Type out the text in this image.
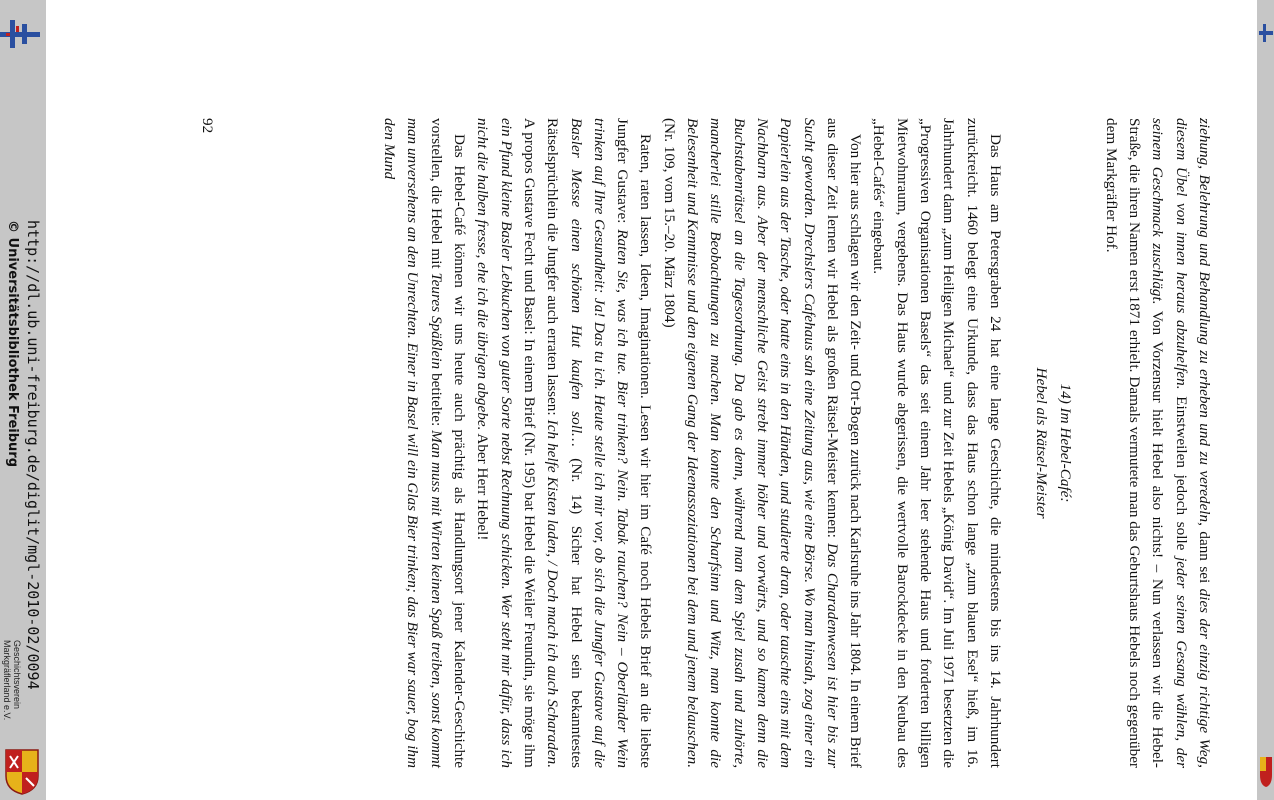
ziehung, Belehrung und Behandlung zu erheben und zu veredeln, dann sei dies der einzig richtige Weg, diesem Übel von innen heraus abzuhelfen. Einstweilen jedoch solle jeder seinen Gesang wählen, der seinem Geschmack zuschlägt. Von Vorzensur hielt Hebel also nichts! – Nun verlassen wir die Hebel-Straße, die ihren Namen erst 1871 erhielt. Damals vermutete man das Geburtshaus Hebels noch gegenüber dem Markgräfler Hof.

14) Im Hebel-Café:
Hebel als Rätsel-Meister

Das Haus am Petersgraben 24 hat eine lange Geschichte, die mindestens bis ins 14. Jahrhundert zurückreicht. 1460 belegt eine Urkunde, dass das Haus schon lange „zum blauen Esel“ hieß, im 16. Jahrhundert dann „zum Heiligen Michael“ und zur Zeit Hebels „König David“. Im Juli 1971 besetzten die „Progressiven Organisationen Basels“ das seit einem Jahr leer stehende Haus und forderten billigen Mietwohnraum, vergebens. Das Haus wurde abgerissen, die wertvolle Barockdecke in den Neubau des „Hebel-Cafés“ eingebaut.

Von hier aus schlagen wir den Zeit- und Ort-Bogen zurück nach Karlsruhe ins Jahr 1804. In einem Brief aus dieser Zeit lernen wir Hebel als großen Rätsel-Meister kennen: Das Charadenwesen ist hier bis zur Sucht geworden. Drechslers Cafehaus sah eine Zeitung aus, wie eine Börse. Wo man hinsah, zog einer ein Papierlein aus der Tasche, oder hatte eins in den Händen, und studierte dran, oder tauschte eins mit dem Nachbarn aus. Aber der menschliche Geist strebt immer höher und vorwärts, und so kamen denn die Buchstabenrätsel an die Tagesordnung. Da gab es denn, während man dem Spiel zusah und zuhörte, mancherlei stille Beobachtungen zu machen. Man konnte den Scharfsinn und Witz, man konnte die Belesenheit und Kenntnisse und den eigenen Gang der Ideenassoziationen bei dem und jenem belauschen. (Nr. 109, vom 15.–20. März 1804)

Raten, raten lassen, Ideen, Imaginationen. Lesen wir hier im Café noch Hebels Brief an die liebste Jungfer Gustave: Raten Sie, was ich tue. Bier trinken? Nein. Tabak rauchen? Nein – Oberländer Wein trinken auf Ihre Gesundheit: Ja! Das tu ich. Heute stelle ich mir vor, ob sich die Jungfer Gustave auf die Basler Messe einen schönen Hut kaufen soll… (Nr. 14) Sicher hat Hebel sein bekanntestes Rätselsprüchlein die Jungfer auch erraten lassen: Ich helfe Kisten laden, / Doch mach ich auch Scharaden. A propos Gustave Fecht und Basel: In einem Brief (Nr. 195) bat Hebel die Weiler Freundin, sie möge ihm ein Pfund kleine Basler Lebkuchen von guter Sorte nebst Rechnung schicken. Wer steht mir dafür, dass ich nicht die halben fresse, ehe ich die übrigen abgebe. Aber Herr Hebel!

Das Hebel-Café können wir uns heute auch prächtig als Handlungsort jener Kalender-Geschichte vorstellen, die Hebel mit Teures Späßlein betitelte: Man muss mit Wirten keinen Spaß treiben, sonst kommt man unversehens an den Unrechten. Einer in Basel will ein Glas Bier trinken; das Bier war sauer, bog ihm den Mund

92
http://dl.ub.uni-freiburg.de/diglit/mgl-2010-02/0094
© Universitätsbibliothek Freiburg
Geschichtsverein
Markgräflerland e.V.
